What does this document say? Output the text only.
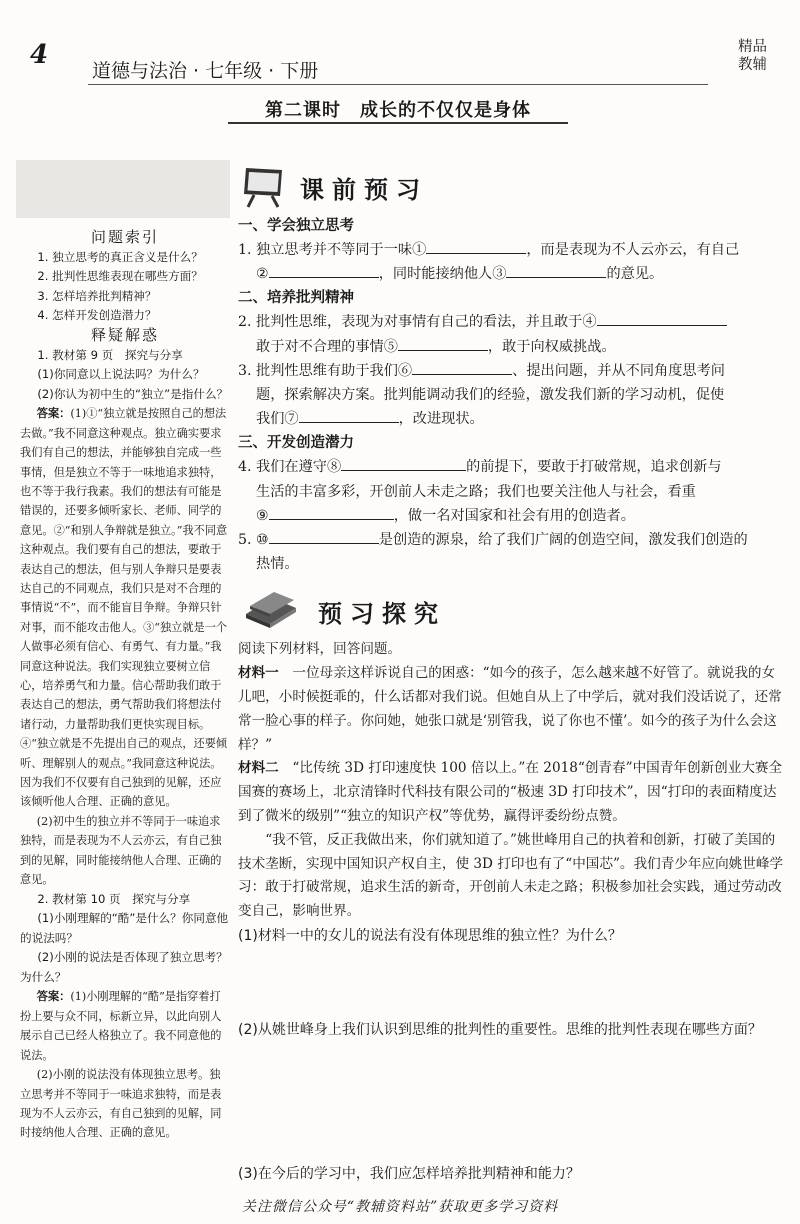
4
道德与法治 · 七年级 · 下册
精品
教辅
第二课时　成长的不仅仅是身体

问题索引

1. 独立思考的真正含义是什么？

2. 批判性思维表现在哪些方面？

3. 怎样培养批判精神？

4. 怎样开发创造潜力？

释疑解惑

1. 教材第 9 页　探究与分享

(1)你同意以上说法吗？为什么？

(2)你认为初中生的“独立”是指什么？

答案：(1)①“独立就是按照自己的想法去做。”我不同意这种观点。独立确实要求我们有自己的想法，并能够独自完成一些事情，但是独立不等于一味地追求独特，也不等于我行我素。我们的想法有可能是错误的，还要多倾听家长、老师、同学的意见。②“和别人争辩就是独立。”我不同意这种观点。我们要有自己的想法，要敢于表达自己的想法，但与别人争辩只是要表达自己的不同观点，我们只是对不合理的事情说“不”，而不能盲目争辩。争辩只针对事，而不能攻击他人。③“独立就是一个人做事必须有信心、有勇气、有力量。”我同意这种说法。我们实现独立要树立信心，培养勇气和力量。信心帮助我们敢于表达自己的想法，勇气帮助我们将想法付诸行动，力量帮助我们更快实现目标。④“独立就是不先提出自己的观点，还要倾听、理解别人的观点。”我同意这种说法。因为我们不仅要有自己独到的见解，还应该倾听他人合理、正确的意见。

(2)初中生的独立并不等同于一味追求独特，而是表现为不人云亦云，有自己独到的见解，同时能接纳他人合理、正确的意见。

2. 教材第 10 页　探究与分享

(1)小刚理解的“酷”是什么？你同意他的说法吗？

(2)小刚的说法是否体现了独立思考？为什么？

答案：(1)小刚理解的“酷”是指穿着打扮上要与众不同，标新立异，以此向别人展示自己已经人格独立了。我不同意他的说法。

(2)小刚的说法没有体现独立思考。独立思考并不等同于一味追求独特，而是表现为不人云亦云，有自己独到的见解，同时接纳他人合理、正确的意见。

课前预习

一、学会独立思考

1. 独立思考并不等同于一味①	，而是表现为不人云亦云，有自己

②	，同时能接纳他人③	的意见。

二、培养批判精神

2. 批判性思维，表现为对事情有自己的看法，并且敢于④

敢于对不合理的事情⑤	，敢于向权威挑战。

3. 批判性思维有助于我们⑥	、提出问题，并从不同角度思考问

题，探索解决方案。批判能调动我们的经验，激发我们新的学习动机，促使

我们⑦	，改进现状。

三、开发创造潜力

4. 我们在遵守⑧	的前提下，要敢于打破常规，追求创新与

生活的丰富多彩，开创前人未走之路；我们也要关注他人与社会，看重

⑨	，做一名对国家和社会有用的创造者。

5. ⑩	是创造的源泉，给了我们广阔的创造空间，激发我们创造的

热情。

预习探究

阅读下列材料，回答问题。

材料一　 一位母亲这样诉说自己的困惑：“如今的孩子，怎么越来越不好管了。就说我的女儿吧，小时候挺乖的，什么话都对我们说。但她自从上了中学后，就对我们没话说了，还常常一脸心事的样子。你问她，她张口就是‘别管我，说了你也不懂’。如今的孩子为什么会这样？”

材料二　 “比传统 3D 打印速度快 100 倍以上。”在 2018“创青春”中国青年创新创业大赛全国赛的赛场上，北京清锋时代科技有限公司的“极速 3D 打印技术”，因“打印的表面精度达到了微米的级别”“独立的知识产权”等优势，赢得评委纷纷点赞。

“我不管，反正我做出来，你们就知道了。”姚世峰用自己的执着和创新，打破了美国的技术垄断，实现中国知识产权自主，使 3D 打印也有了“中国芯”。我们青少年应向姚世峰学习：敢于打破常规，追求生活的新奇，开创前人未走之路；积极参加社会实践，通过劳动改变自己，影响世界。

(1)材料一中的女儿的说法有没有体现思维的独立性？为什么？

(2)从姚世峰身上我们认识到思维的批判性的重要性。思维的批判性表现在哪些方面？

(3)在今后的学习中，我们应怎样培养批判精神和能力？

关注微信公众号“教辅资料站”获取更多学习资料
